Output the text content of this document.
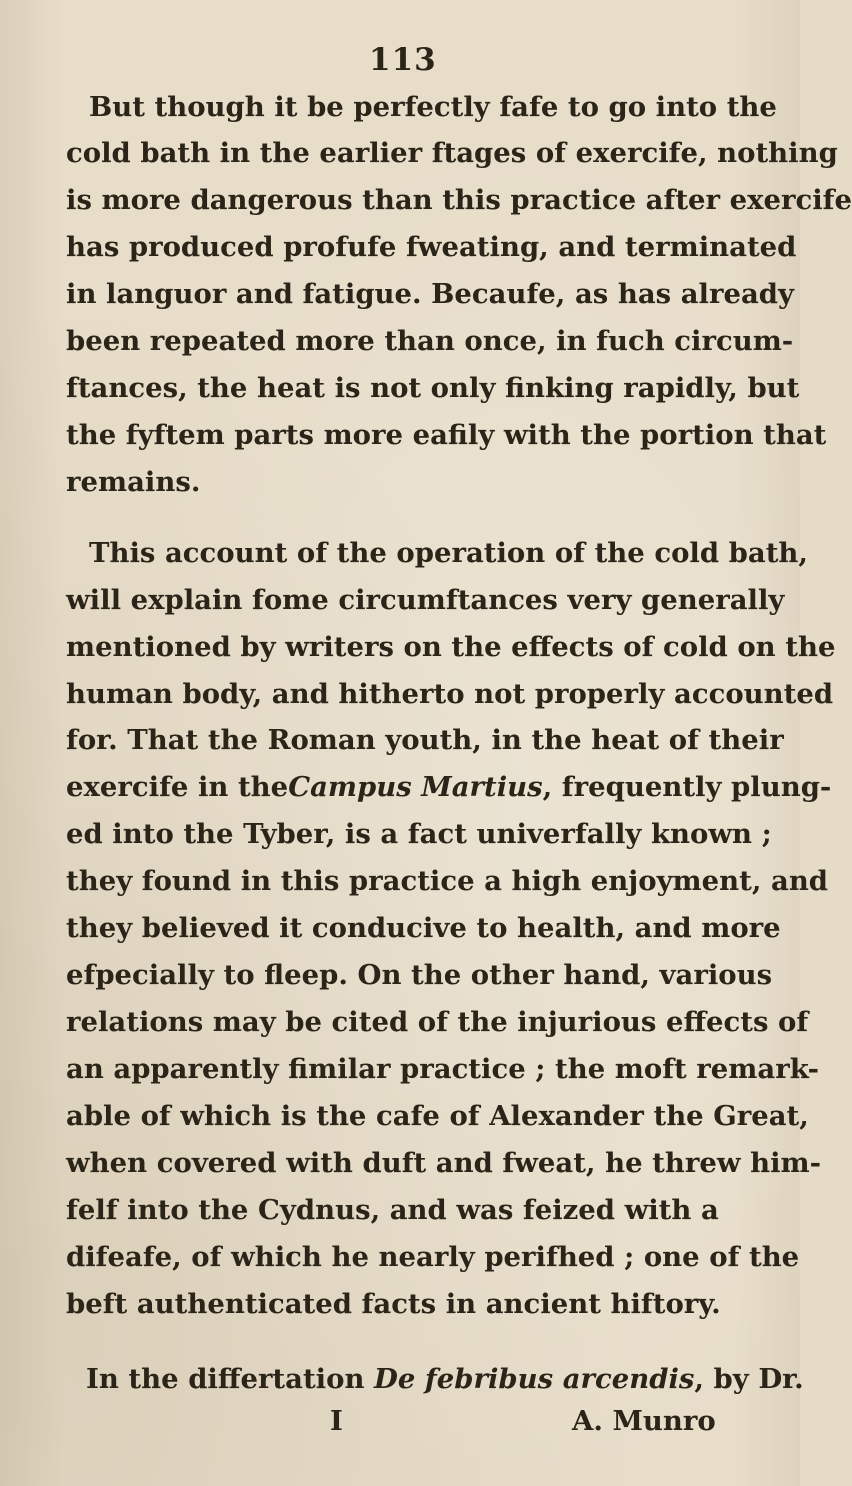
113
But though it be perfectly fafe to go into the
cold bath in the earlier ftages of exercife, nothing
is more dangerous than this practice after exercife
has produced profufe fweating, and terminated
in languor and fatigue. Becaufe, as has already
been repeated more than once, in fuch circum-
ftances, the heat is not only finking rapidly, but
the fyftem parts more eafily with the portion that
remains.
This account of the operation of the cold bath,
will explain fome circumftances very generally
mentioned by writers on the effects of cold on the
human body, and hitherto not properly accounted
for. That the Roman youth, in the heat of their
exercife in the Campus Martius , frequently plung-
ed into the Tyber, is a fact univerfally known ;
they found in this practice a high enjoyment, and
they believed it conducive to health, and more
efpecially to fleep. On the other hand, various
relations may be cited of the injurious effects of
an apparently fimilar practice ; the moft remark-
able of which is the cafe of Alexander the Great,
when covered with duft and fweat, he threw him-
felf into the Cydnus, and was feized with a
difeafe, of which he nearly perifhed ; one of the
beft authenticated facts in ancient hiftory.
In the differtation De febribus arcendis, by Dr.
I	A. Munro
